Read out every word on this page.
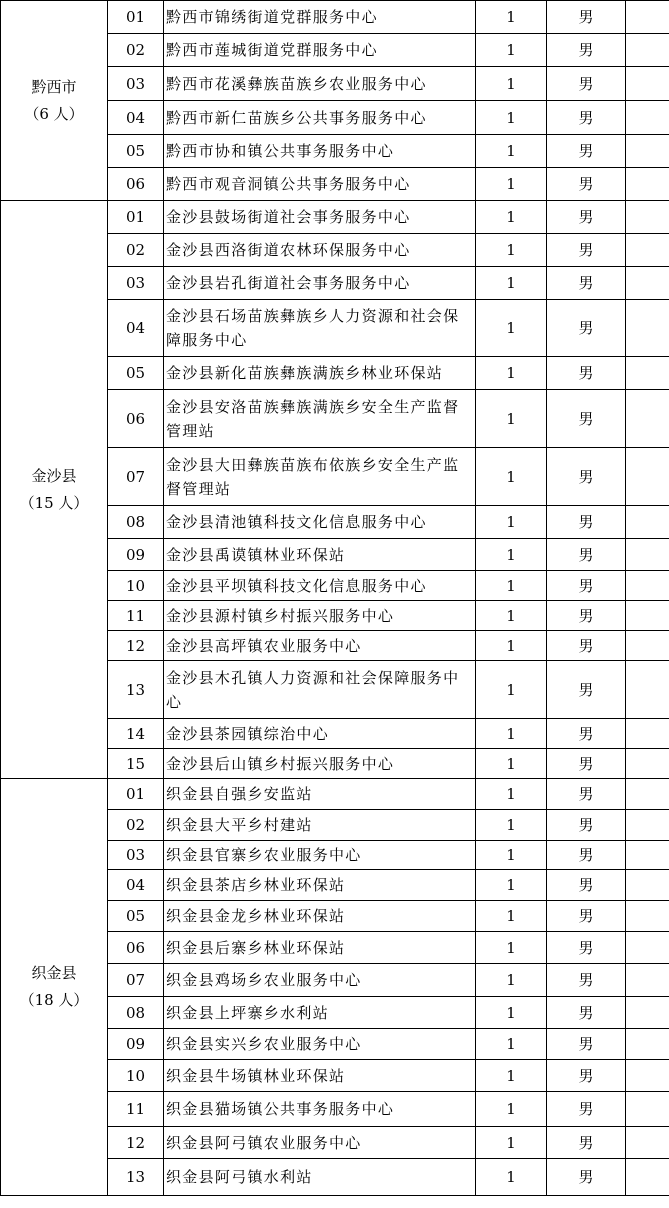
黔西市
（6 人）	01	黔西市锦绣街道党群服务中心	1	男	
	02	黔西市莲城街道党群服务中心	1	男	
	03	黔西市花溪彝族苗族乡农业服务中心	1	男	
	04	黔西市新仁苗族乡公共事务服务中心	1	男	
	05	黔西市协和镇公共事务服务中心	1	男	
	06	黔西市观音洞镇公共事务服务中心	1	男	

金沙县
（15 人）	01	金沙县鼓场街道社会事务服务中心	1	男	
	02	金沙县西洛街道农林环保服务中心	1	男	
	03	金沙县岩孔街道社会事务服务中心	1	男	
	04	金沙县石场苗族彝族乡人力资源和社会保障服务中心	1	男	
	05	金沙县新化苗族彝族满族乡林业环保站	1	男	
	06	金沙县安洛苗族彝族满族乡安全生产监督管理站	1	男	
	07	金沙县大田彝族苗族布依族乡安全生产监督管理站	1	男	
	08	金沙县清池镇科技文化信息服务中心	1	男	
	09	金沙县禹谟镇林业环保站	1	男	
	10	金沙县平坝镇科技文化信息服务中心	1	男	
	11	金沙县源村镇乡村振兴服务中心	1	男	
	12	金沙县高坪镇农业服务中心	1	男	
	13	金沙县木孔镇人力资源和社会保障服务中心	1	男	
	14	金沙县茶园镇综治中心	1	男	
	15	金沙县后山镇乡村振兴服务中心	1	男	

织金县
（18 人）	01	织金县自强乡安监站	1	男	
	02	织金县大平乡村建站	1	男	
	03	织金县官寨乡农业服务中心	1	男	
	04	织金县茶店乡林业环保站	1	男	
	05	织金县金龙乡林业环保站	1	男	
	06	织金县后寨乡林业环保站	1	男	
	07	织金县鸡场乡农业服务中心	1	男	
	08	织金县上坪寨乡水利站	1	男	
	09	织金县实兴乡农业服务中心	1	男	
	10	织金县牛场镇林业环保站	1	男	
	11	织金县猫场镇公共事务服务中心	1	男	
	12	织金县阿弓镇农业服务中心	1	男	
	13	织金县阿弓镇水利站	1	男	
